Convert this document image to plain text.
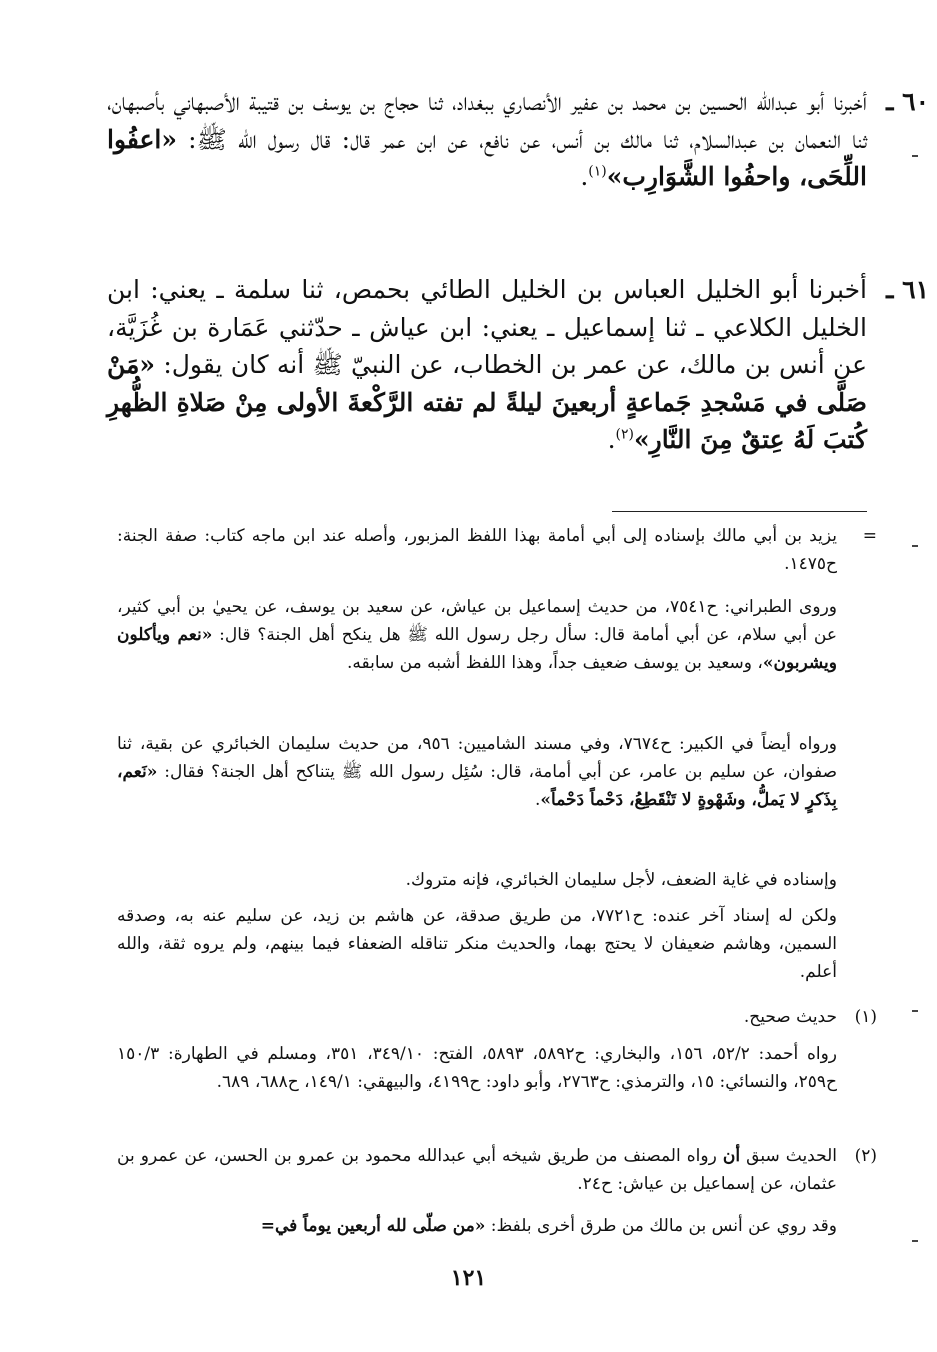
٦٠ ـ
أخبرنا أبو عبدالله الحسين بن محمد بن عفير الأنصاري ببغداد، ثنا حجاج بن يوسف بن قتيبة الأصبهاني بأصبهان، ثنا النعمان بن عبدالسلام، ثنا مالك بن أنس، عن نافع، عن ابن عمر قال: قال رسول الله ﷺ: «اعفُوا اللِّحَى، واحفُوا الشَّوَارِب»$^{(١)}$.
٦١ ـ
أخبرنا أبو الخليل العباس بن الخليل الطائي بحمص، ثنا سلمة ـ يعني: ابن الخليل الكلاعي ـ ثنا إسماعيل ـ يعني: ابن عياش ـ حدّثني عَمَارة بن غُزَيَّة، عن أنس بن مالك، عن عمر بن الخطاب، عن النبيّ ﷺ أنه كان يقول: «مَنْ صَلَّى في مَسْجدِ جَماعةٍ أربعينَ ليلةً لم تفته الرَّكْعةَ الأولى مِنْ صَلاةِ الظُّهرِ كُتبَ لَهُ عِتقٌ مِنَ النَّارِ»$^{(٢)}$.
=
يزيد بن أبي مالك بإسناده إلى أبي أمامة بهذا اللفظ المزبور، وأصله عند ابن ماجه كتاب: صفة الجنة: ح١٤٧٥.
وروى الطبراني: ح٧٥٤١، من حديث إسماعيل بن عياش، عن سعيد بن يوسف، عن يحييٰ بن أبي كثير، عن أبي سلام، عن أبي أمامة قال: سأل رجل رسول الله ﷺ هل ينكح أهل الجنة؟ قال: «نعم ويأكلون ويشربون»، وسعيد بن يوسف ضعيف جداً، وهذا اللفظ أشبه من سابقه.
ورواه أيضاً في الكبير: ح٧٦٧٤، وفي مسند الشاميين: ٩٥٦، من حديث سليمان الخبائري عن بقية، ثنا صفوان، عن سليم بن عامر، عن أبي أمامة، قال: سُئِل رسول الله ﷺ يتناكح أهل الجنة؟ فقال: «نَعم، بِذَكرٍ لا يَملُّ، وشَهْوةٍ لا تَنْقَطِعُ، دَحْماً دَحْماً».
وإسناده في غاية الضعف، لأجل سليمان الخبائري، فإنه متروك.
ولكن له إسناد آخر عنده: ح٧٧٢١، من طريق صدقة، عن هاشم بن زيد، عن سليم عنه به، وصدقه السمين، وهاشم ضعيفان لا يحتج بهما، والحديث منكر تناقله الضعفاء فيما بينهم، ولم يروه ثقة، والله أعلم.
(١)
حديث صحيح.
رواه أحمد: ٥٢/٢، ١٥٦، والبخاري: ح٥٨٩٢، ٥٨٩٣، الفتح: ٣٤٩/١٠، ٣٥١، ومسلم في الطهارة: ١٥٠/٣ ح٢٥٩، والنسائي: ١٥، والترمذي: ح٢٧٦٣، وأبو داود: ح٤١٩٩، والبيهقي: ١٤٩/١، ح٦٨٨، ٦٨٩.
(٢)
الحديث سبق أن رواه المصنف من طريق شيخه أبي عبدالله محمود بن عمرو بن الحسن، عن عمرو بن عثمان، عن إسماعيل بن عياش: ح٢٤.
وقد روي عن أنس بن مالك من طرق أخرى بلفظ: «من صلّى لله أربعين يوماً في=
١٢١
